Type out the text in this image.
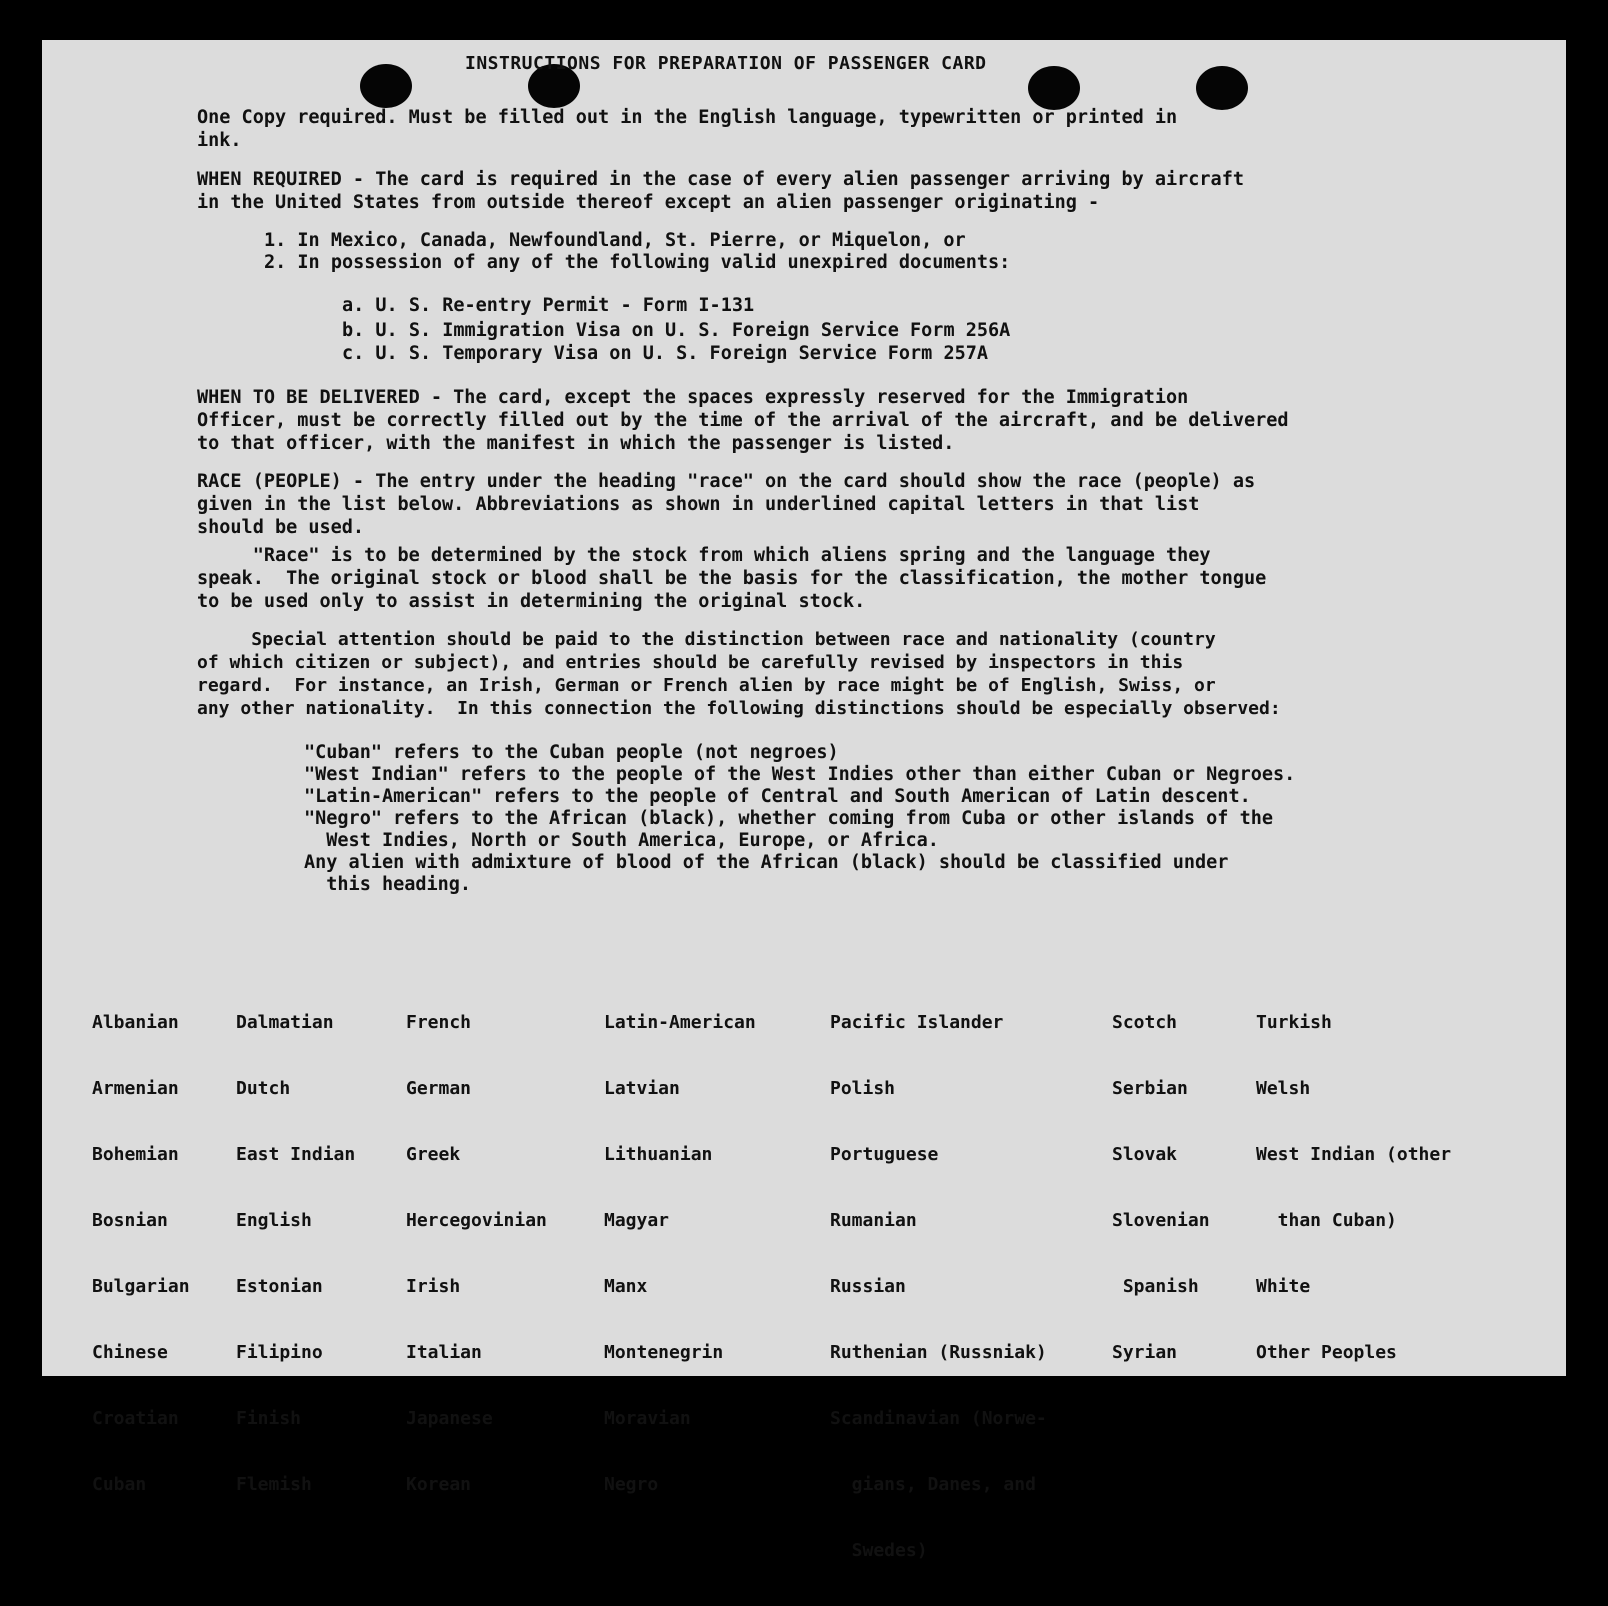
INSTRUCTIONS FOR PREPARATION OF PASSENGER CARD
One Copy required. Must be filled out in the English language, typewritten or printed in
ink.
WHEN REQUIRED - The card is required in the case of every alien passenger arriving by aircraft
in the United States from outside thereof except an alien passenger originating -
1. In Mexico, Canada, Newfoundland, St. Pierre, or Miquelon, or
2. In possession of any of the following valid unexpired documents:
a. U. S. Re-entry Permit - Form I-131
b. U. S. Immigration Visa on U. S. Foreign Service Form 256A
c. U. S. Temporary Visa on U. S. Foreign Service Form 257A
WHEN TO BE DELIVERED - The card, except the spaces expressly reserved for the Immigration
Officer, must be correctly filled out by the time of the arrival of the aircraft, and be delivered
to that officer, with the manifest in which the passenger is listed.
RACE (PEOPLE) - The entry under the heading "race" on the card should show the race (people) as
given in the list below. Abbreviations as shown in underlined capital letters in that list
should be used.
"Race" is to be determined by the stock from which aliens spring and the language they
speak.  The original stock or blood shall be the basis for the classification, the mother tongue
to be used only to assist in determining the original stock.
Special attention should be paid to the distinction between race and nationality (country
of which citizen or subject), and entries should be carefully revised by inspectors in this
regard.  For instance, an Irish, German or French alien by race might be of English, Swiss, or
any other nationality.  In this connection the following distinctions should be especially observed:
"Cuban" refers to the Cuban people (not negroes)
"West Indian" refers to the people of the West Indies other than either Cuban or Negroes.
"Latin-American" refers to the people of Central and South American of Latin descent.
"Negro" refers to the African (black), whether coming from Cuba or other islands of the
West Indies, North or South America, Europe, or Africa.
Any alien with admixture of blood of the African (black) should be classified under
this heading.

Albanian

Armenian

Bohemian

Bosnian

Bulgarian

Chinese

Croatian

Cuban

Dalmatian

Dutch

East Indian

English

Estonian

Filipino

Finish

Flemish

French

German

Greek

Hercegovinian

Irish

Italian

Japanese

Korean

Latin-American

Latvian

Lithuanian

Magyar

Manx

Montenegrin

Moravian

Negro

Pacific Islander

Polish

Portuguese

Rumanian

Russian

Ruthenian (Russniak)

Scandinavian (Norwe-

gians, Danes, and

Swedes)

Scotch

Serbian

Slovak

Slovenian

Spanish

Syrian

Turkish

Welsh

West Indian (other

than Cuban)

White

Other Peoples
